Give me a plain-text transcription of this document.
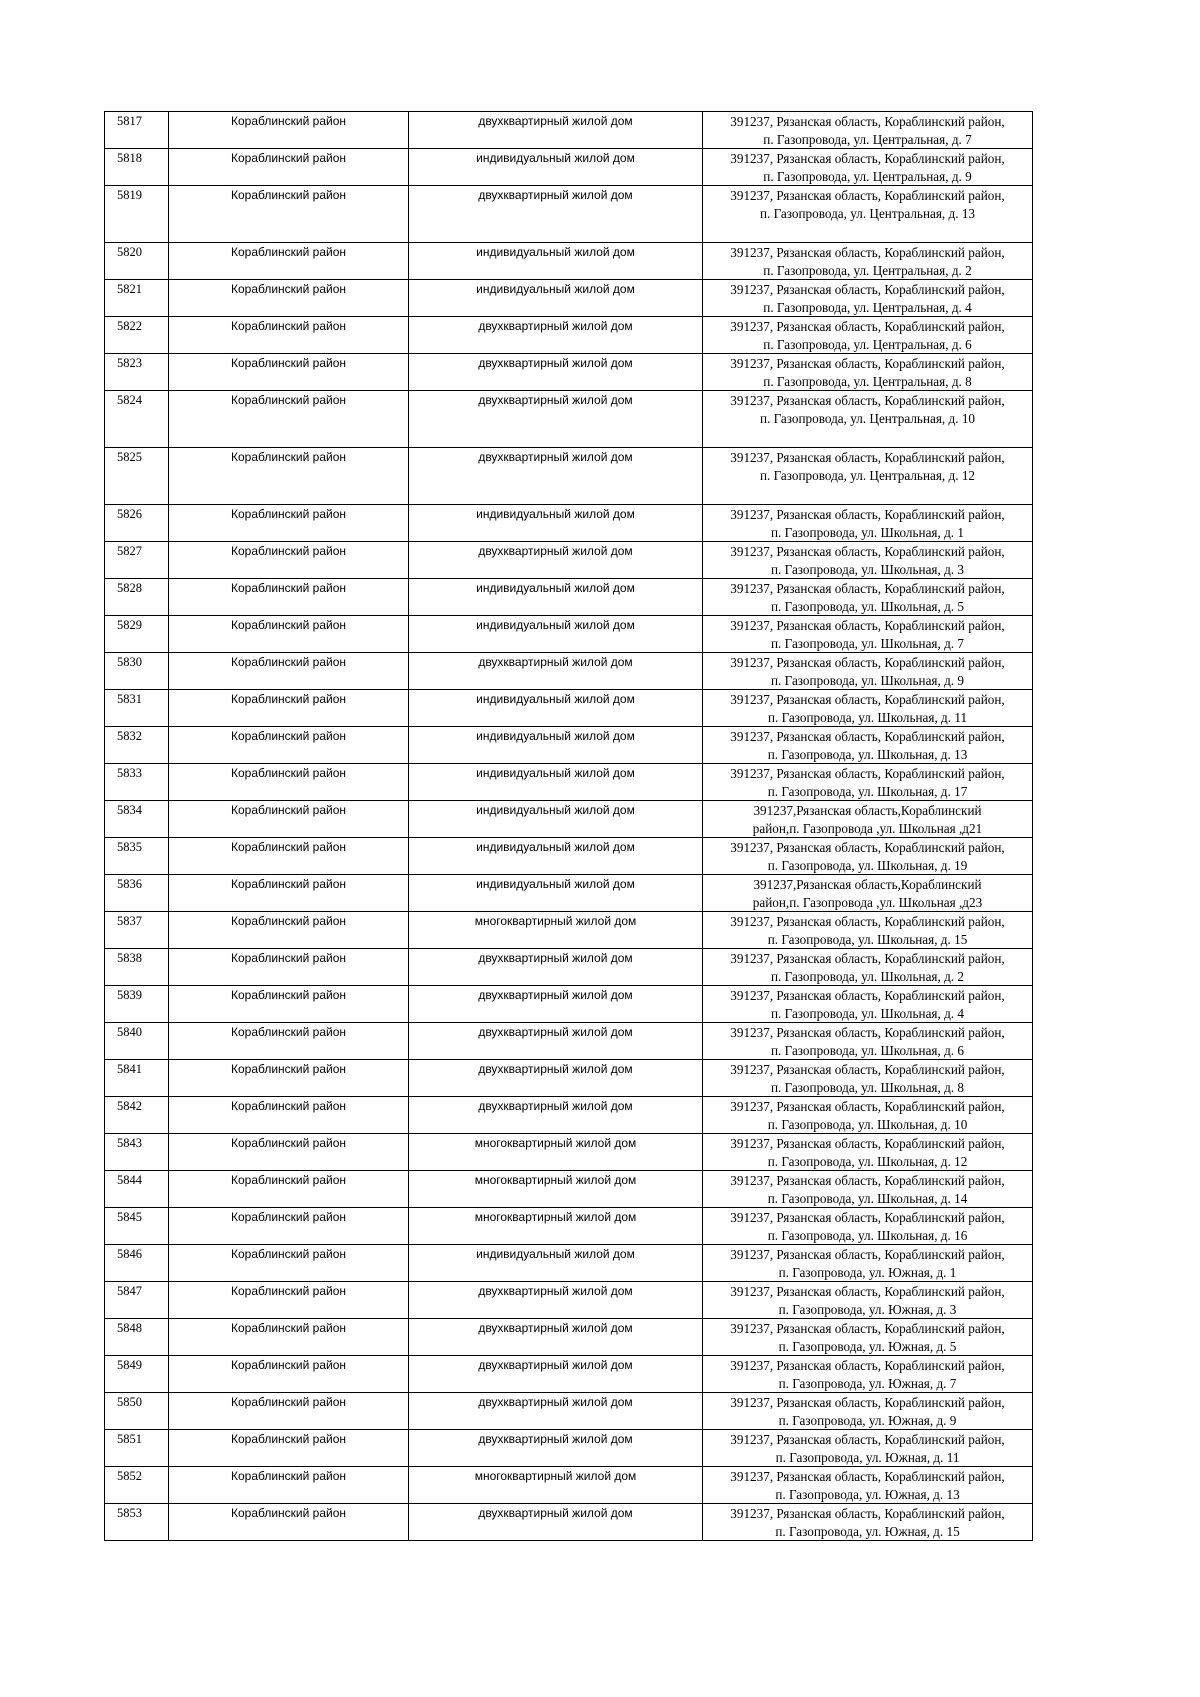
5817	Кораблинский район	двухквартирный жилой дом	391237, Рязанская область, Кораблинский район,
п. Газопровода, ул. Центральная, д. 7
5818	Кораблинский район	индивидуальный жилой дом	391237, Рязанская область, Кораблинский район,
п. Газопровода, ул. Центральная, д. 9
5819	Кораблинский район	двухквартирный жилой дом	391237, Рязанская область, Кораблинский район,
п. Газопровода, ул. Центральная, д. 13
5820	Кораблинский район	индивидуальный жилой дом	391237, Рязанская область, Кораблинский район,
п. Газопровода, ул. Центральная, д. 2
5821	Кораблинский район	индивидуальный жилой дом	391237, Рязанская область, Кораблинский район,
п. Газопровода, ул. Центральная, д. 4
5822	Кораблинский район	двухквартирный жилой дом	391237, Рязанская область, Кораблинский район,
п. Газопровода, ул. Центральная, д. 6
5823	Кораблинский район	двухквартирный жилой дом	391237, Рязанская область, Кораблинский район,
п. Газопровода, ул. Центральная, д. 8
5824	Кораблинский район	двухквартирный жилой дом	391237, Рязанская область, Кораблинский район,
п. Газопровода, ул. Центральная, д. 10
5825	Кораблинский район	двухквартирный жилой дом	391237, Рязанская область, Кораблинский район,
п. Газопровода, ул. Центральная, д. 12
5826	Кораблинский район	индивидуальный жилой дом	391237, Рязанская область, Кораблинский район,
п. Газопровода, ул. Школьная, д. 1
5827	Кораблинский район	двухквартирный жилой дом	391237, Рязанская область, Кораблинский район,
п. Газопровода, ул. Школьная, д. 3
5828	Кораблинский район	индивидуальный жилой дом	391237, Рязанская область, Кораблинский район,
п. Газопровода, ул. Школьная, д. 5
5829	Кораблинский район	индивидуальный жилой дом	391237, Рязанская область, Кораблинский район,
п. Газопровода, ул. Школьная, д. 7
5830	Кораблинский район	двухквартирный жилой дом	391237, Рязанская область, Кораблинский район,
п. Газопровода, ул. Школьная, д. 9
5831	Кораблинский район	индивидуальный жилой дом	391237, Рязанская область, Кораблинский район,
п. Газопровода, ул. Школьная, д. 11
5832	Кораблинский район	индивидуальный жилой дом	391237, Рязанская область, Кораблинский район,
п. Газопровода, ул. Школьная, д. 13
5833	Кораблинский район	индивидуальный жилой дом	391237, Рязанская область, Кораблинский район,
п. Газопровода, ул. Школьная, д. 17
5834	Кораблинский район	индивидуальный жилой дом	391237,Рязанская область,Кораблинский
район,п. Газопровода ,ул. Школьная ,д21
5835	Кораблинский район	индивидуальный жилой дом	391237, Рязанская область, Кораблинский район,
п. Газопровода, ул. Школьная, д. 19
5836	Кораблинский район	индивидуальный жилой дом	391237,Рязанская область,Кораблинский
район,п. Газопровода ,ул. Школьная ,д23
5837	Кораблинский район	многоквартирный жилой дом	391237, Рязанская область, Кораблинский район,
п. Газопровода, ул. Школьная, д. 15
5838	Кораблинский район	двухквартирный жилой дом	391237, Рязанская область, Кораблинский район,
п. Газопровода, ул. Школьная, д. 2
5839	Кораблинский район	двухквартирный жилой дом	391237, Рязанская область, Кораблинский район,
п. Газопровода, ул. Школьная, д. 4
5840	Кораблинский район	двухквартирный жилой дом	391237, Рязанская область, Кораблинский район,
п. Газопровода, ул. Школьная, д. 6
5841	Кораблинский район	двухквартирный жилой дом	391237, Рязанская область, Кораблинский район,
п. Газопровода, ул. Школьная, д. 8
5842	Кораблинский район	двухквартирный жилой дом	391237, Рязанская область, Кораблинский район,
п. Газопровода, ул. Школьная, д. 10
5843	Кораблинский район	многоквартирный жилой дом	391237, Рязанская область, Кораблинский район,
п. Газопровода, ул. Школьная, д. 12
5844	Кораблинский район	многоквартирный жилой дом	391237, Рязанская область, Кораблинский район,
п. Газопровода, ул. Школьная, д. 14
5845	Кораблинский район	многоквартирный жилой дом	391237, Рязанская область, Кораблинский район,
п. Газопровода, ул. Школьная, д. 16
5846	Кораблинский район	индивидуальный жилой дом	391237, Рязанская область, Кораблинский район,
п. Газопровода, ул. Южная, д. 1
5847	Кораблинский район	двухквартирный жилой дом	391237, Рязанская область, Кораблинский район,
п. Газопровода, ул. Южная, д. 3
5848	Кораблинский район	двухквартирный жилой дом	391237, Рязанская область, Кораблинский район,
п. Газопровода, ул. Южная, д. 5
5849	Кораблинский район	двухквартирный жилой дом	391237, Рязанская область, Кораблинский район,
п. Газопровода, ул. Южная, д. 7
5850	Кораблинский район	двухквартирный жилой дом	391237, Рязанская область, Кораблинский район,
п. Газопровода, ул. Южная, д. 9
5851	Кораблинский район	двухквартирный жилой дом	391237, Рязанская область, Кораблинский район,
п. Газопровода, ул. Южная, д. 11
5852	Кораблинский район	многоквартирный жилой дом	391237, Рязанская область, Кораблинский район,
п. Газопровода, ул. Южная, д. 13
5853	Кораблинский район	двухквартирный жилой дом	391237, Рязанская область, Кораблинский район,
п. Газопровода, ул. Южная, д. 15
